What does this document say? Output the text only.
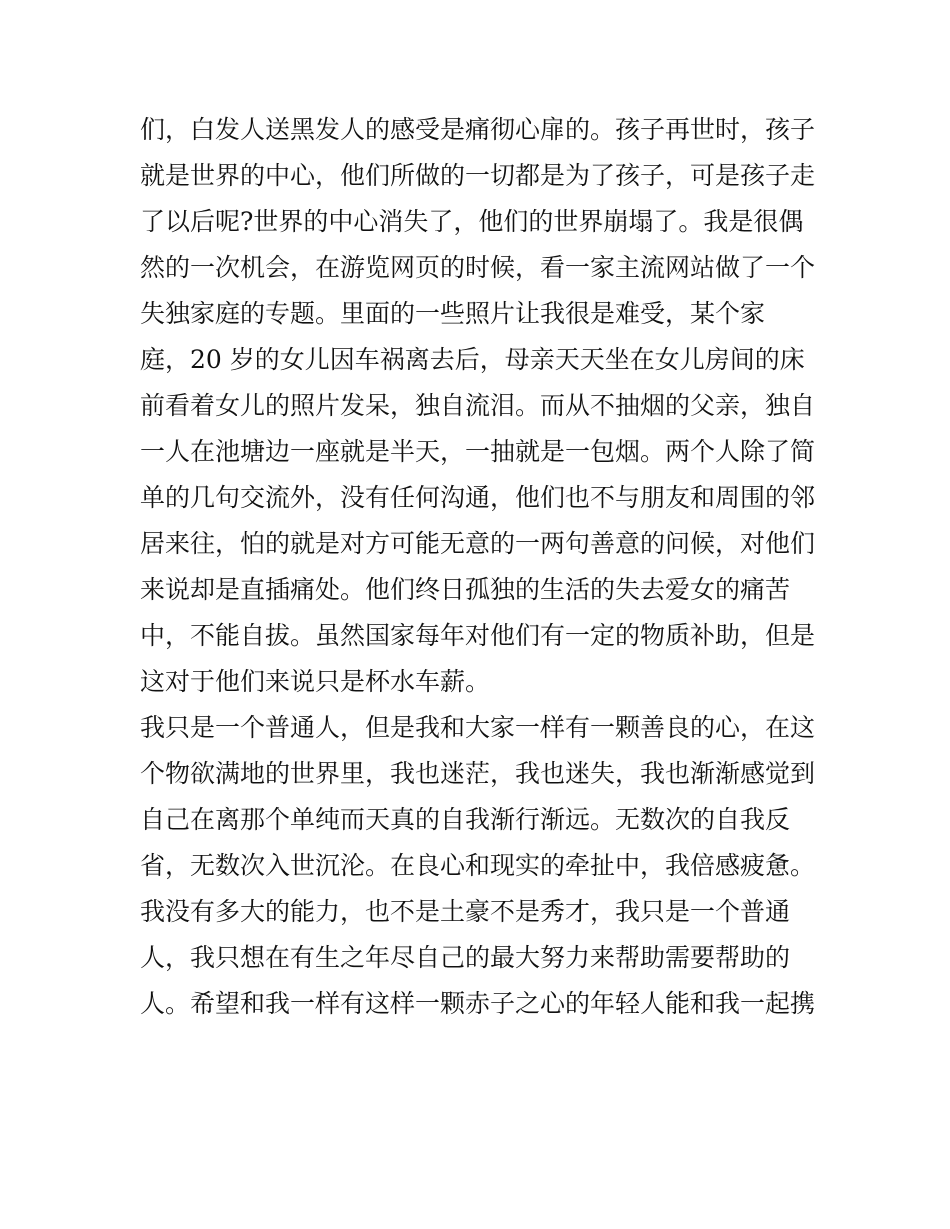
们，白发人送黑发人的感受是痛彻心扉的。孩子再世时，孩子
就是世界的中心，他们所做的一切都是为了孩子，可是孩子走
了以后呢?世界的中心消失了，他们的世界崩塌了。我是很偶
然的一次机会，在游览网页的时候，看一家主流网站做了一个
失独家庭的专题。里面的一些照片让我很是难受，某个家
庭，20 岁的女儿因车祸离去后，母亲天天坐在女儿房间的床
前看着女儿的照片发呆，独自流泪。而从不抽烟的父亲，独自
一人在池塘边一座就是半天，一抽就是一包烟。两个人除了简
单的几句交流外，没有任何沟通，他们也不与朋友和周围的邻
居来往，怕的就是对方可能无意的一两句善意的问候，对他们
来说却是直插痛处。他们终日孤独的生活的失去爱女的痛苦
中，不能自拔。虽然国家每年对他们有一定的物质补助，但是
这对于他们来说只是杯水车薪。
我只是一个普通人，但是我和大家一样有一颗善良的心，在这
个物欲满地的世界里，我也迷茫，我也迷失，我也渐渐感觉到
自己在离那个单纯而天真的自我渐行渐远。无数次的自我反
省，无数次入世沉沦。在良心和现实的牵扯中，我倍感疲惫。
我没有多大的能力，也不是土豪不是秀才，我只是一个普通
人，我只想在有生之年尽自己的最大努力来帮助需要帮助的
人。希望和我一样有这样一颗赤子之心的年轻人能和我一起携
